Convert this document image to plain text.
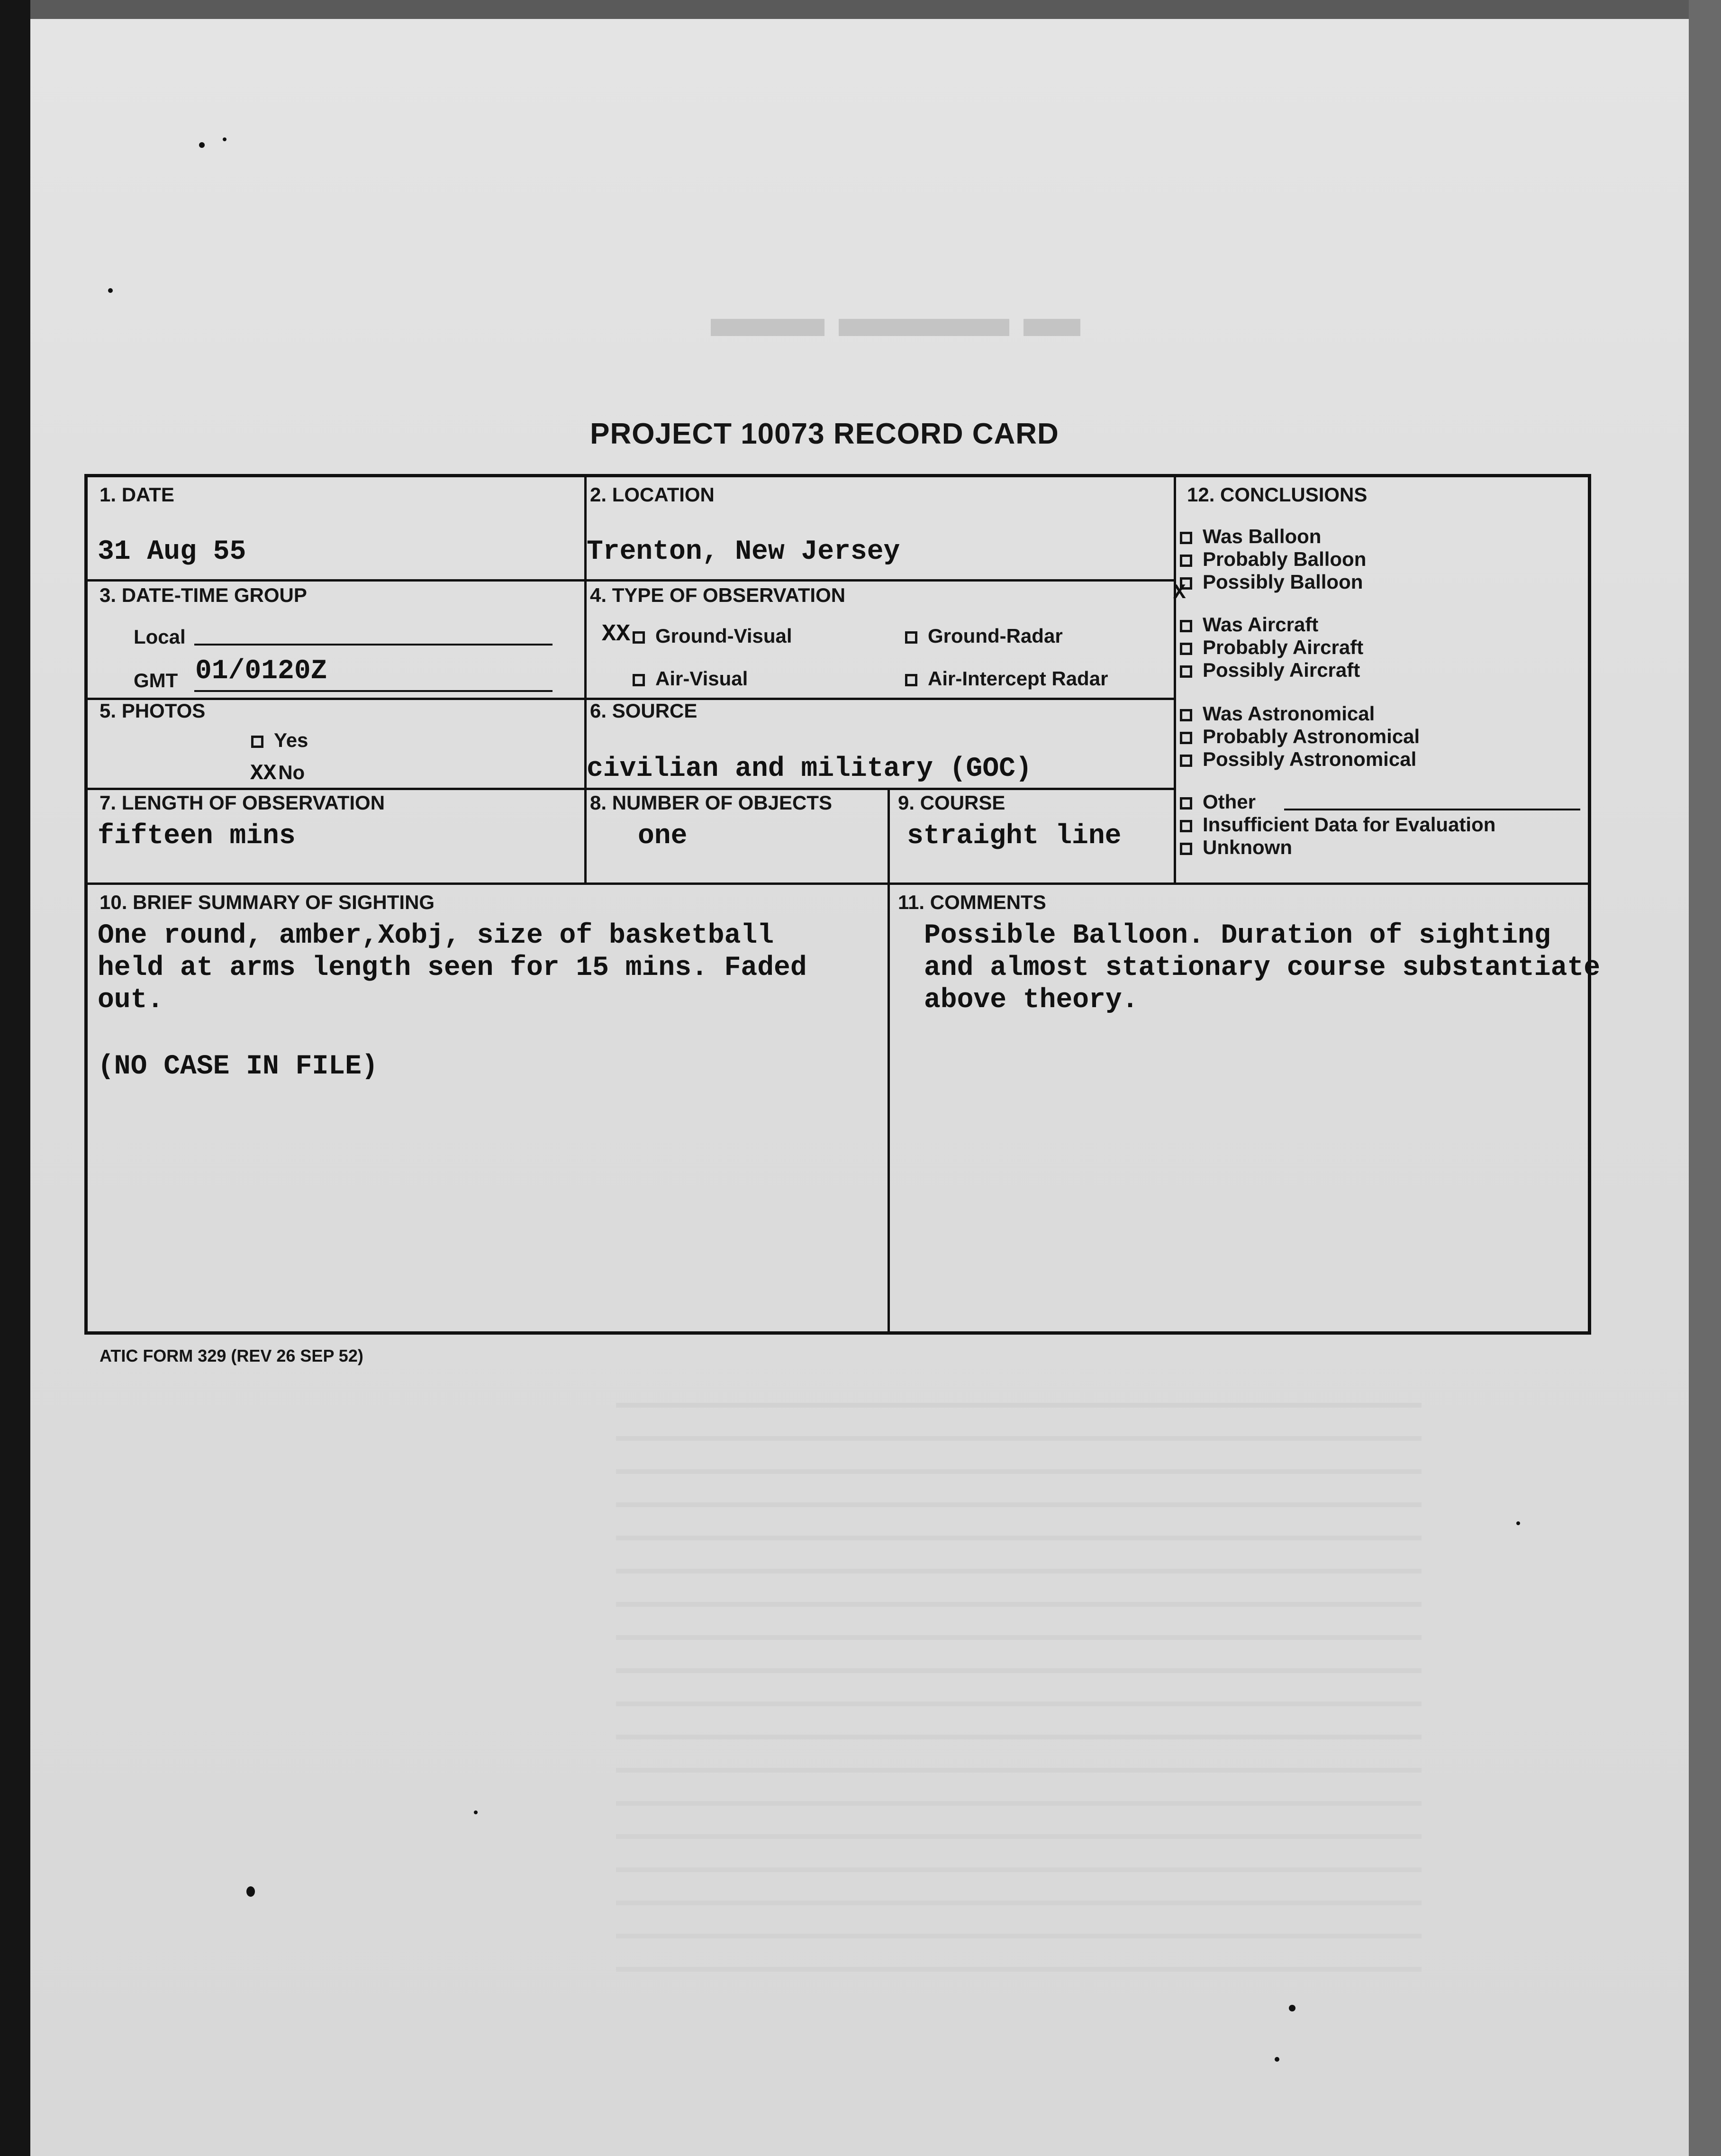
▬ ▬▬▬ ▬▬
PROJECT 10073 RECORD CARD
1. DATE
31 Aug 55
2. LOCATION
Trenton, New Jersey
3. DATE-TIME GROUP
Local
GMT 01/0120Z
4. TYPE OF OBSERVATION
XX	Ground-Visual	Ground-Radar
Air-Visual	Air-Intercept Radar
5. PHOTOS
Yes
XXNo
6. SOURCE
civilian and military (GOC)
7. LENGTH OF OBSERVATION
fifteen mins
8. NUMBER OF OBJECTS
one
9. COURSE
straight line
12. CONCLUSIONS
Was Balloon
Probably Balloon
Possibly Balloon
X
Was Aircraft
Probably Aircraft
Possibly Aircraft
Was Astronomical
Probably Astronomical
Possibly Astronomical
Other
Insufficient Data for Evaluation
Unknown
10. BRIEF SUMMARY OF SIGHTING
One round, amber,Xobj, size of basketball
held at arms length seen for 15 mins. Faded
out.
(NO CASE IN FILE)
11. COMMENTS
Possible Balloon. Duration of sighting
and almost stationary course substantiate
above theory.
ATIC FORM 329 (REV 26 SEP 52)
